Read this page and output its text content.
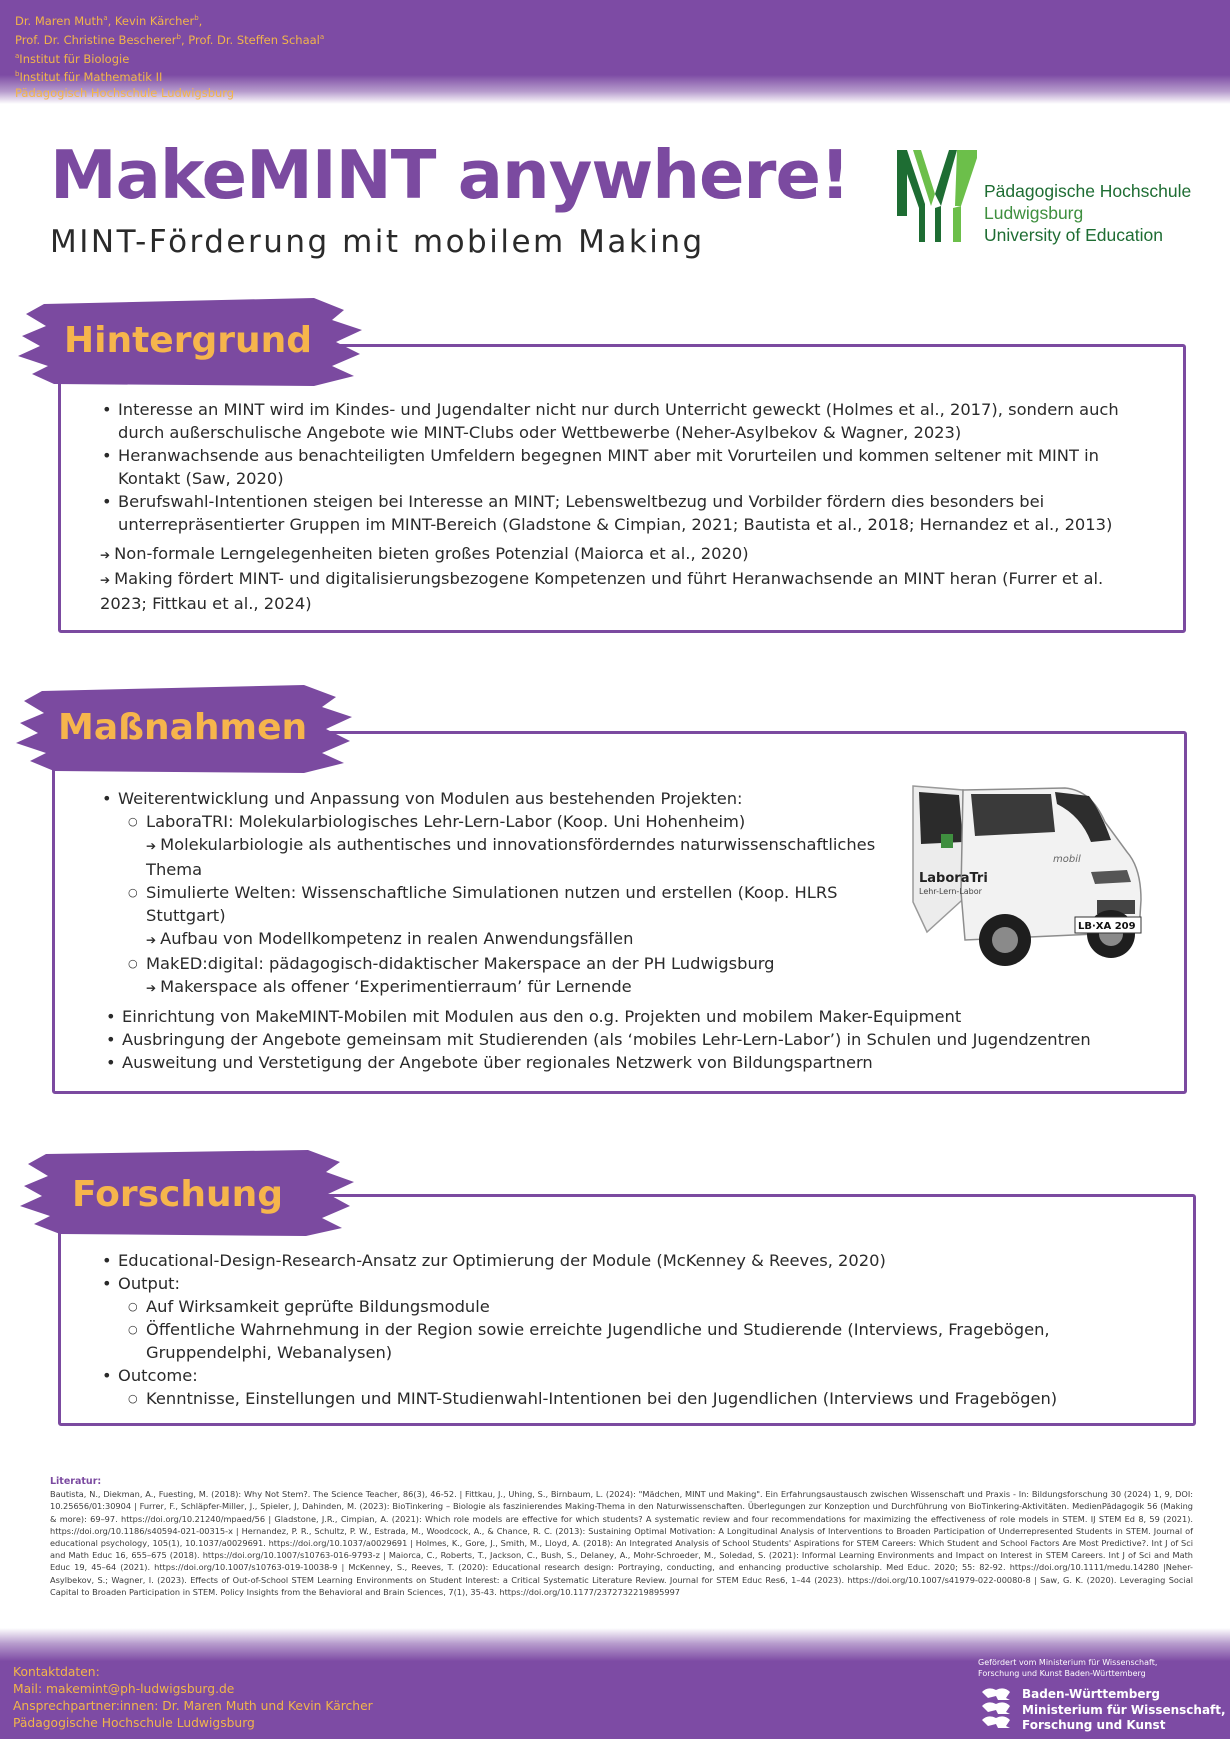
Dr. Maren Muth$^a$, Kevin Kärcher$^b$,
Prof. Dr. Christine Bescherer$^b$, Prof. Dr. Steffen Schaal$^a$
$^a$Institut für Biologie
$^b$Institut für Mathematik II
Pädagogisch Hochschule Ludwigsburg
MakeMINT anywhere!
MINT-Förderung mit mobilem Making
Pädagogische Hochschule
Ludwigsburg
University of Education
Hintergrund
• Interesse an MINT wird im Kindes- und Jugendalter nicht nur durch Unterricht geweckt (Holmes et al., 2017), sondern auch durch außerschulische Angebote wie MINT-Clubs oder Wettbewerbe (Neher-Asylbekov & Wagner, 2023)
• Heranwachsende aus benachteiligten Umfeldern begegnen MINT aber mit Vorurteilen und kommen seltener mit MINT in Kontakt (Saw, 2020)
• Berufswahl-Intentionen steigen bei Interesse an MINT; Lebensweltbezug und Vorbilder fördern dies besonders bei unterrepräsentierter Gruppen im MINT-Bereich (Gladstone & Cimpian, 2021; Bautista et al., 2018; Hernandez et al., 2013)
➔ Non-formale Lerngelegenheiten bieten großes Potenzial (Maiorca et al., 2020)
➔ Making fördert MINT- und digitalisierungsbezogene Kompetenzen und führt Heranwachsende an MINT heran (Furrer et al. 2023; Fittkau et al., 2024)
Maßnahmen
• Weiterentwicklung und Anpassung von Modulen aus bestehenden Projekten:
○ LaboraTRI: Molekularbiologisches Lehr-Lern-Labor (Koop. Uni Hohenheim)
➔ Molekularbiologie als authentisches und innovationsförderndes naturwissenschaftliches Thema
○ Simulierte Welten: Wissenschaftliche Simulationen nutzen und erstellen (Koop. HLRS Stuttgart)
➔ Aufbau von Modellkompetenz in realen Anwendungsfällen
○ MakED:digital: pädagogisch-didaktischer Makerspace an der PH Ludwigsburg
➔ Makerspace als offener ‘Experimentierraum’ für Lernende
• Einrichtung von MakeMINT-Mobilen mit Modulen aus den o.g. Projekten und mobilem Maker-Equipment
• Ausbringung der Angebote gemeinsam mit Studierenden (als ‘mobiles Lehr-Lern-Labor’) in Schulen und Jugendzentren
• Ausweitung und Verstetigung der Angebote über regionales Netzwerk von Bildungspartnern
LB·XA 209
LaboraTri
Lehr-Lern-Labor
mobil
Forschung
• Educational-Design-Research-Ansatz zur Optimierung der Module (McKenney & Reeves, 2020)
• Output:
○ Auf Wirksamkeit geprüfte Bildungsmodule
○ Öffentliche Wahrnehmung in der Region sowie erreichte Jugendliche und Studierende (Interviews, Fragebögen, Gruppendelphi, Webanalysen)
• Outcome:
○ Kenntnisse, Einstellungen und MINT-Studienwahl-Intentionen bei den Jugendlichen (Interviews und Fragebögen)
Literatur:
Bautista, N., Diekman, A., Fuesting, M. (2018): Why Not Stem?. The Science Teacher, 86(3), 46-52. | Fittkau, J., Uhing, S., Birnbaum, L. (2024): "Mädchen, MINT und Making". Ein Erfahrungsaustausch zwischen Wissenschaft und Praxis - In: Bildungsforschung 30 (2024) 1, 9, DOI: 10.25656/01:30904 | Furrer, F., Schläpfer-Miller, J., Spieler, J, Dahinden, M. (2023): BioTinkering – Biologie als faszinierendes Making-Thema in den Naturwissenschaften. Überlegungen zur Konzeption und Durchführung von BioTinkering-Aktivitäten. MedienPädagogik 56 (Making & more): 69–97. https://doi.org/10.21240/mpaed/56 | Gladstone, J.R., Cimpian, A. (2021): Which role models are effective for which students? A systematic review and four recommendations for maximizing the effectiveness of role models in STEM. IJ STEM Ed 8, 59 (2021). https://doi.org/10.1186/s40594-021-00315-x | Hernandez, P. R., Schultz, P. W., Estrada, M., Woodcock, A., & Chance, R. C. (2013): Sustaining Optimal Motivation: A Longitudinal Analysis of Interventions to Broaden Participation of Underrepresented Students in STEM. Journal of educational psychology, 105(1), 10.1037/a0029691. https://doi.org/10.1037/a0029691 | Holmes, K., Gore, J., Smith, M., Lloyd, A. (2018): An Integrated Analysis of School Students' Aspirations for STEM Careers: Which Student and School Factors Are Most Predictive?. Int J of Sci and Math Educ 16, 655–675 (2018). https://doi.org/10.1007/s10763-016-9793-z | Maiorca, C., Roberts, T., Jackson, C., Bush, S., Delaney, A., Mohr-Schroeder, M., Soledad, S. (2021): Informal Learning Environments and Impact on Interest in STEM Careers. Int J of Sci and Math Educ 19, 45–64 (2021). https://doi.org/10.1007/s10763-019-10038-9 | McKenney, S., Reeves, T. (2020): Educational research design: Portraying, conducting, and enhancing productive scholarship. Med Educ. 2020; 55: 82-92. https://doi.org/10.1111/medu.14280 |Neher-Asylbekov, S.; Wagner, I. (2023). Effects of Out-of-School STEM Learning Environments on Student Interest: a Critical Systematic Literature Review. Journal for STEM Educ Res6, 1–44 (2023). https://doi.org/10.1007/s41979-022-00080-8 | Saw, G. K. (2020). Leveraging Social Capital to Broaden Participation in STEM. Policy Insights from the Behavioral and Brain Sciences, 7(1), 35-43. https://doi.org/10.1177/2372732219895997
Kontaktdaten:
Mail: makemint@ph-ludwigsburg.de
Ansprechpartner:innen: Dr. Maren Muth und Kevin Kärcher
Pädagogische Hochschule Ludwigsburg
Gefördert vom Ministerium für Wissenschaft,
Forschung und Kunst Baden-Württemberg
Baden-Württemberg
Ministerium für Wissenschaft,
Forschung und Kunst
